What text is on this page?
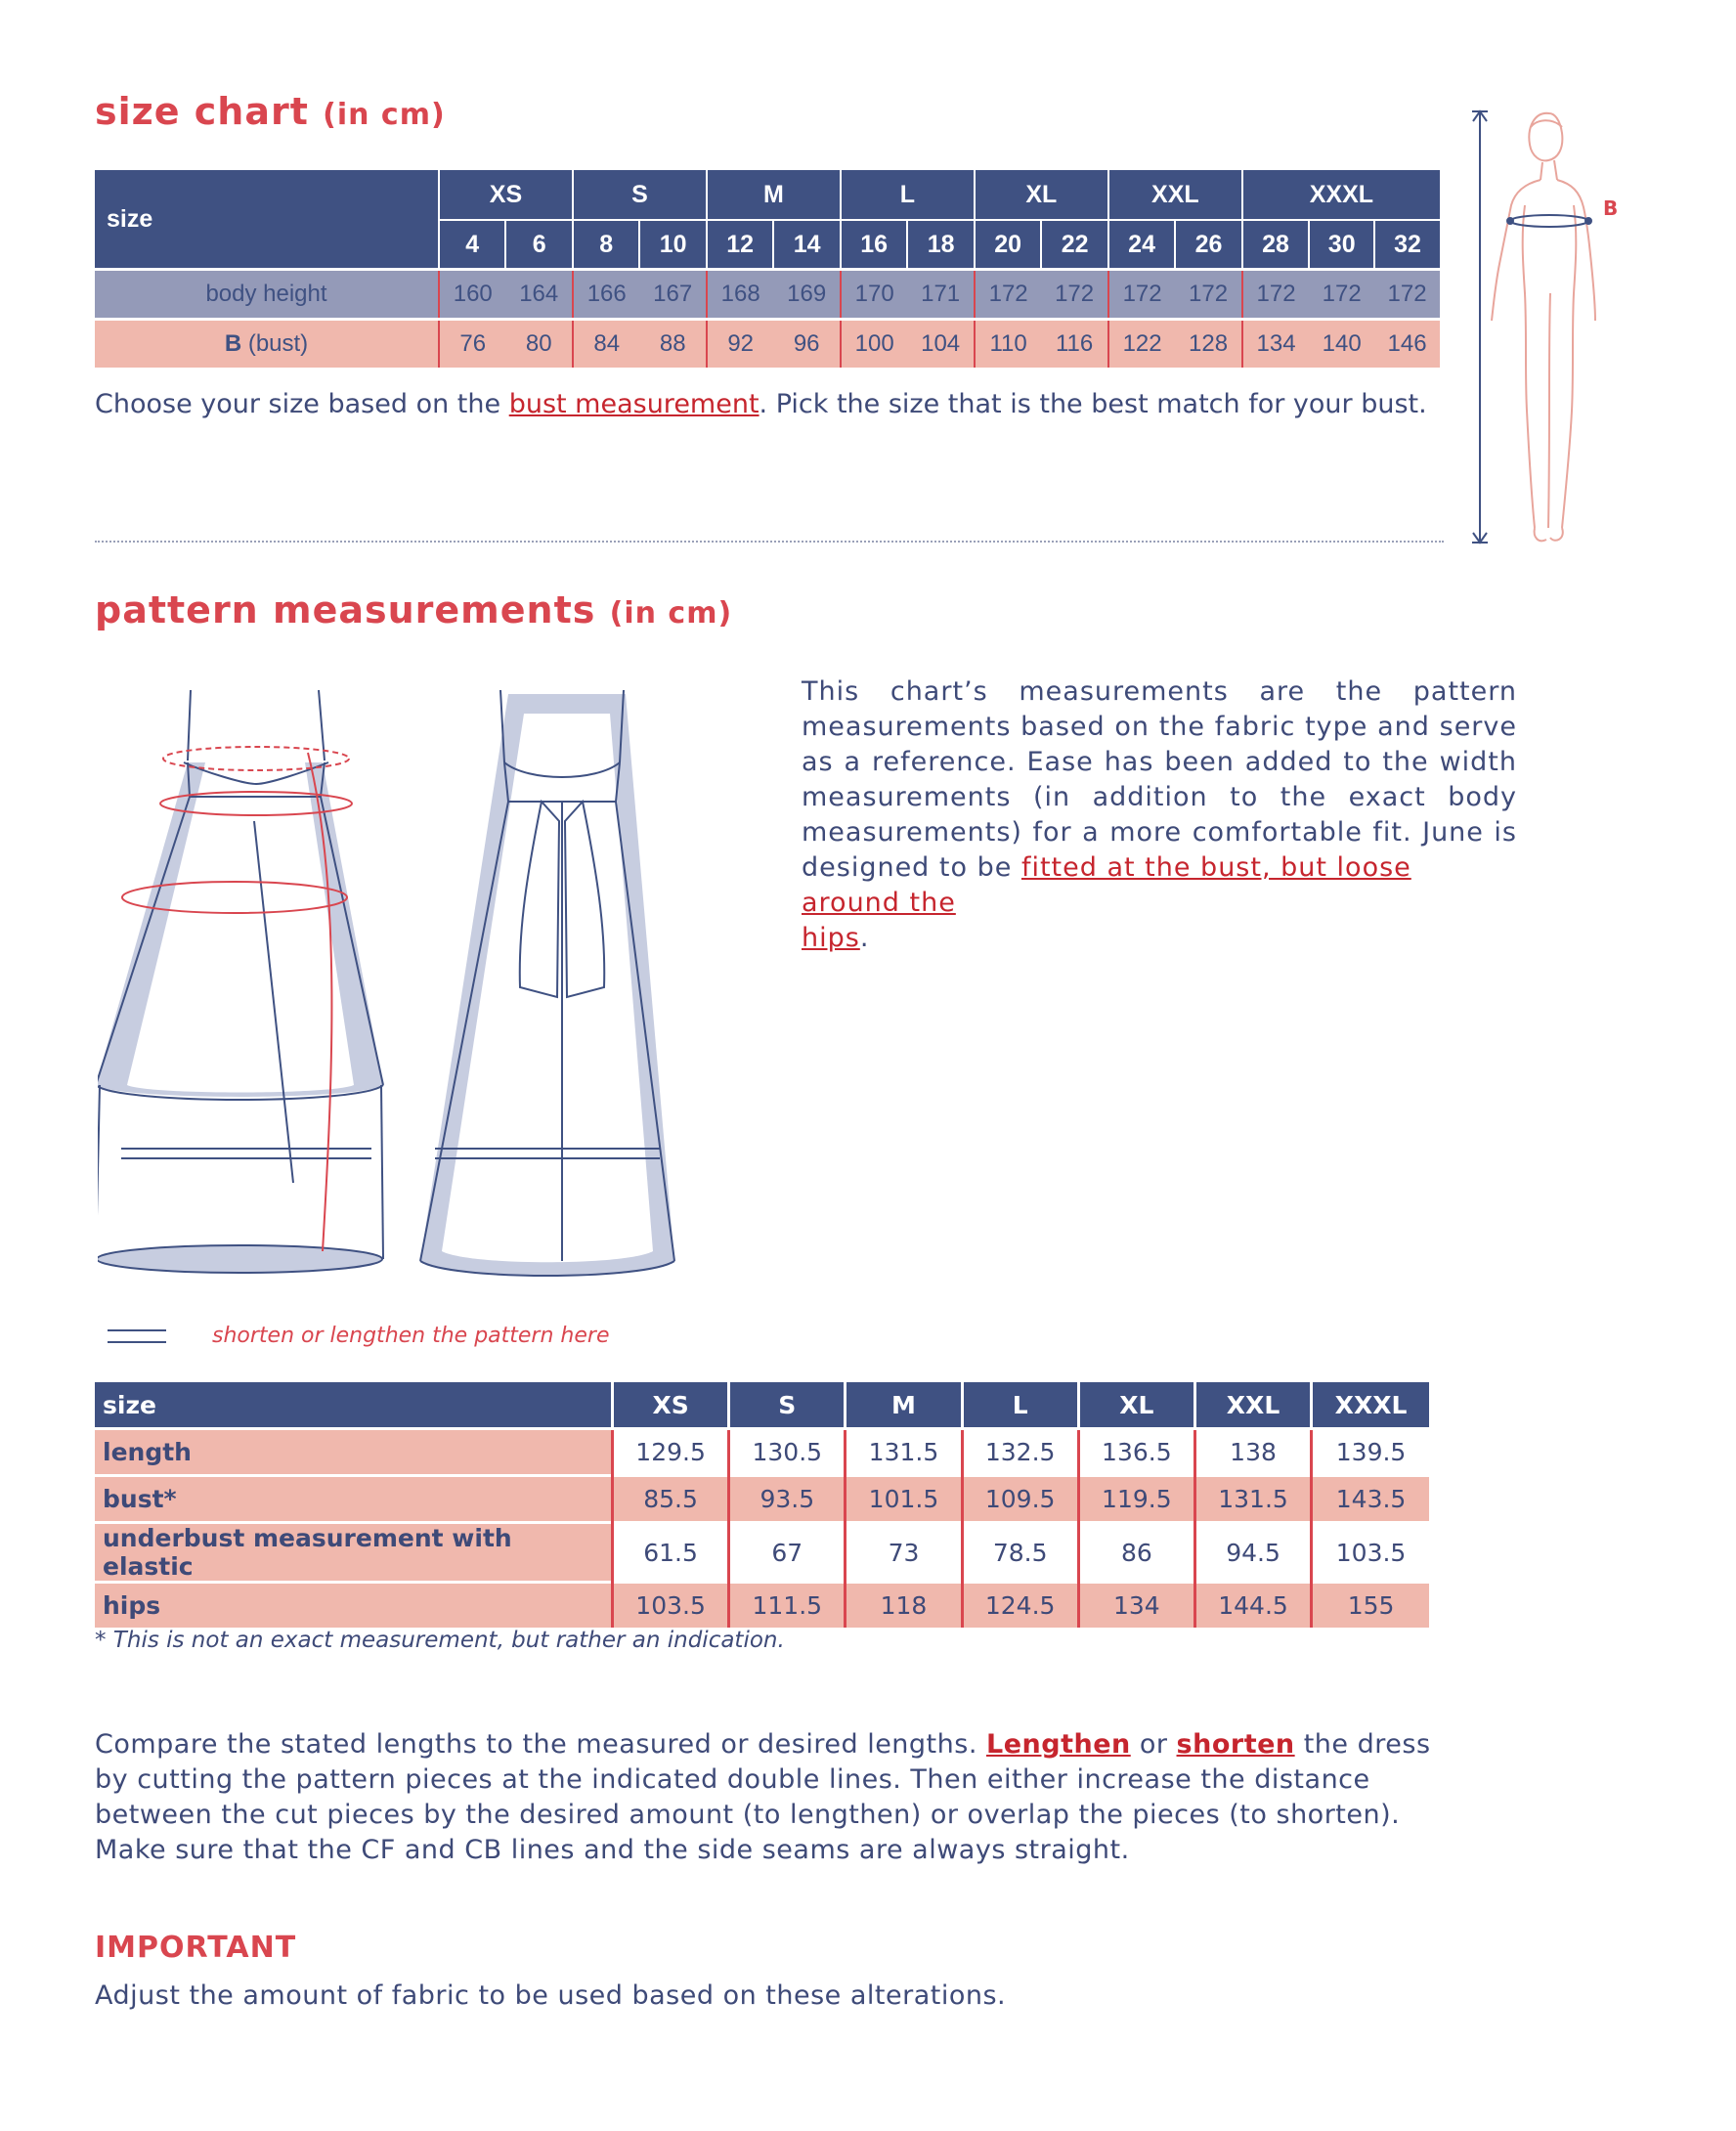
size chart (in cm)
size	XS		S		M		L		XL		XXL		XXXL		
	4	6	8	10	12	14	16	18	20	22	24	26	28	30	32
body height	160	164	166	167	168	169	170	171	172	172	172	172	172	172	172
B (bust)	76	80	84	88	92	96	100	104	110	116	122	128	134	140	146
Choose your size based on the bust measurement. Pick the size that is the best match for your bust.
B
pattern measurements (in cm)
This chart’s measurements are the pattern
measurements based on the fabric type and serve
as a reference. Ease has been added to the width
measurements (in addition to the exact body
measurements) for a more comfortable fit. June is
designed to be fitted at the bust, but loose around the
hips.
shorten or lengthen the pattern here
size	XS	S	M	L	XL	XXL	XXXL
length	129.5	130.5	131.5	132.5	136.5	138	139.5
bust*	85.5	93.5	101.5	109.5	119.5	131.5	143.5
underbust measurement with elastic	61.5	67	73	78.5	86	94.5	103.5
hips	103.5	111.5	118	124.5	134	144.5	155
* This is not an exact measurement, but rather an indication.
Compare the stated lengths to the measured or desired lengths. Lengthen or shorten the dress
by cutting the pattern pieces at the indicated double lines. Then either increase the distance
between the cut pieces by the desired amount (to lengthen) or overlap the pieces (to shorten).
Make sure that the CF and CB lines and the side seams are always straight.
IMPORTANT
Adjust the amount of fabric to be used based on these alterations.
